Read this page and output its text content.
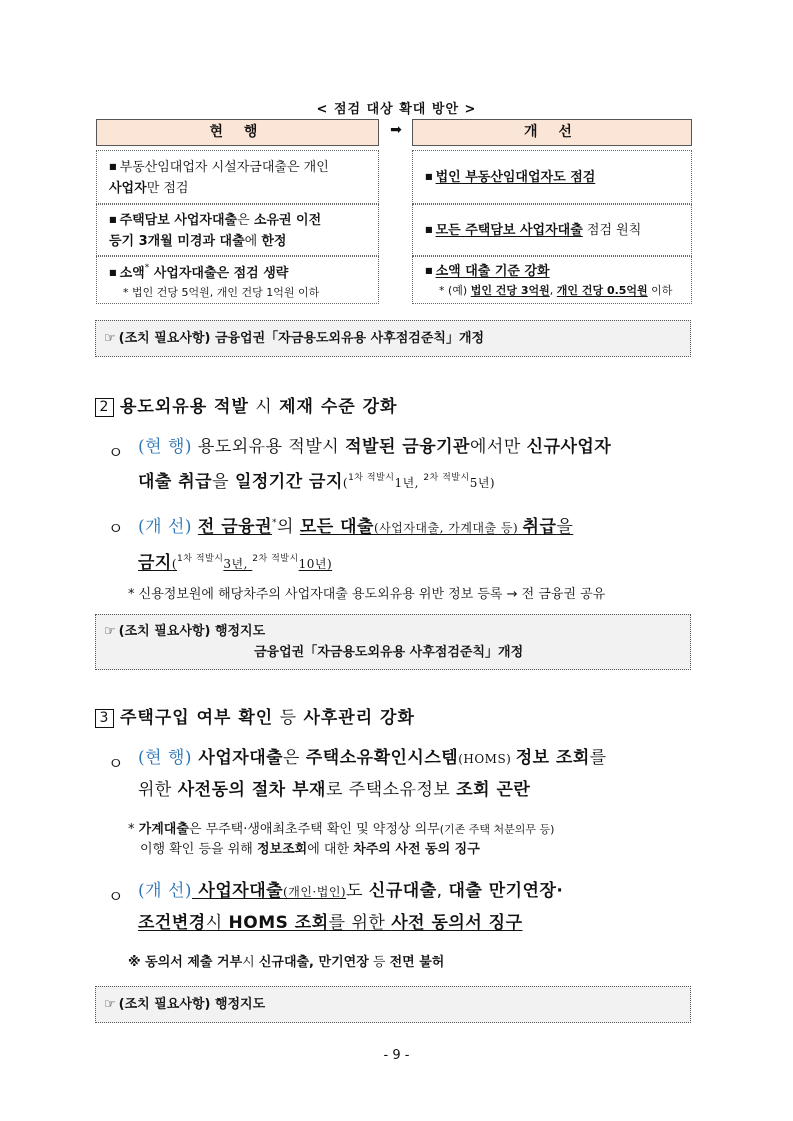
< 점검 대상 확대 방안 >
현 행	➡	개 선
■ 부동산임대업자 시설자금대출은 개인
사업자만 점검
■ 법인 부동산임대업자도 점검
■ 주택담보 사업자대출은 소유권 이전
등기 3개월 미경과 대출에 한정
■ 모든 주택담보 사업자대출 점검 원칙
■ 소액* 사업자대출은 점검 생략
* 법인 건당 5억원, 개인 건당 1억원 이하
■ 소액 대출 기준 강화
* (예) 법인 건당 3억원, 개인 건당 0.5억원 이하
☞ (조치 필요사항) 금융업권「자금용도외유용 사후점검준칙」개정
2 용도외유용 적발 시 제재 수준 강화
ㅇ (현 행) 용도외유용 적발시 적발된 금융기관에서만 신규사업자
대출 취급을 일정기간 금지($^{1차}$ $^{적발시}$1년, $^{2차}$ $^{적발시}$5년)
ㅇ (개 선) 전 금융권*의 모든 대출(사업자대출, 가계대출 등) 취급을
금지($^{1차}$ $^{적발시}$3년, $^{2차}$ $^{적발시}$10년)
* 신용정보원에 해당차주의 사업자대출 용도외유용 위반 정보 등록 → 전 금융권 공유
☞ (조치 필요사항) 행정지도
금융업권「자금용도외유용 사후점검준칙」개정
3 주택구입 여부 확인 등 사후관리 강화
ㅇ (현 행) 사업자대출은 주택소유확인시스템(HOMS) 정보 조회를
위한 사전동의 절차 부재로 주택소유정보 조회 곤란
* 가계대출은 무주택·생애최초주택 확인 및 약정상 의무(기존 주택 처분의무 등)
이행 확인 등을 위해 정보조회에 대한 차주의 사전 동의 징구
ㅇ (개 선) 사업자대출(개인·법인)도 신규대출, 대출 만기연장·
조건변경시 HOMS 조회를 위한 사전 동의서 징구
※ 동의서 제출 거부시 신규대출, 만기연장 등 전면 불허
☞ (조치 필요사항) 행정지도
- 9 -
